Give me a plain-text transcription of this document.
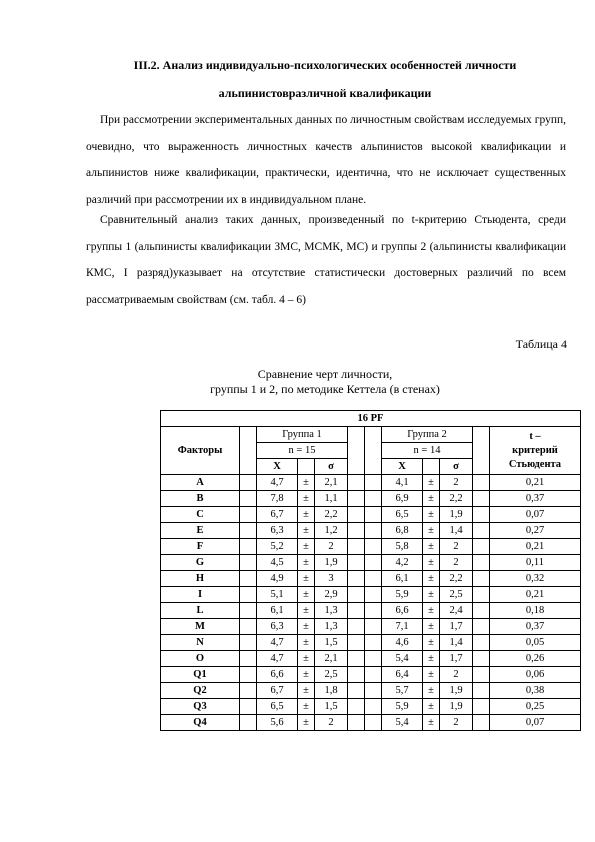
III.2. Анализ индивидуально-психологических особенностей личности
альпинистовразличной квалификации
При рассмотрении экспериментальных данных по личностным свойствам исследуемых групп, очевидно, что выраженность личностных качеств альпинистов высокой квалификации и альпинистов ниже квалификации, практически, идентична, что не исключает существенных различий при рассмотрении их в индивидуальном плане.
Сравнительный анализ таких данных, произведенный по t-критерию Стьюдента, среди группы 1 (альпинисты квалификации ЗМС, МСМК, МС) и группы 2 (альпинисты квалификации КМС, I разряд)указывает на отсутствие статистически достоверных различий по всем рассматриваемым свойствам (см. табл. 4 – 6)
Таблица 4
Сравнение черт личности,
группы 1 и 2, по методике Кеттела (в стенах)
16 PF											
Факторы		Группа 1					Группа 2				t –
критерий
Стьюдента

		n = 15					n = 14				
		X		σ			X		σ		
A		4,7	±	2,1			4,1	±	2		0,21
B		7,8	±	1,1			6,9	±	2,2		0,37
C		6,7	±	2,2			6,5	±	1,9		0,07
E		6,3	±	1,2			6,8	±	1,4		0,27
F		5,2	±	2			5,8	±	2		0,21
G		4,5	±	1,9			4,2	±	2		0,11
H		4,9	±	3			6,1	±	2,2		0,32
I		5,1	±	2,9			5,9	±	2,5		0,21
L		6,1	±	1,3			6,6	±	2,4		0,18
M		6,3	±	1,3			7,1	±	1,7		0,37
N		4,7	±	1,5			4,6	±	1,4		0,05
O		4,7	±	2,1			5,4	±	1,7		0,26
Q1		6,6	±	2,5			6,4	±	2		0,06
Q2		6,7	±	1,8			5,7	±	1,9		0,38
Q3		6,5	±	1,5			5,9	±	1,9		0,25
Q4		5,6	±	2			5,4	±	2		0,07
